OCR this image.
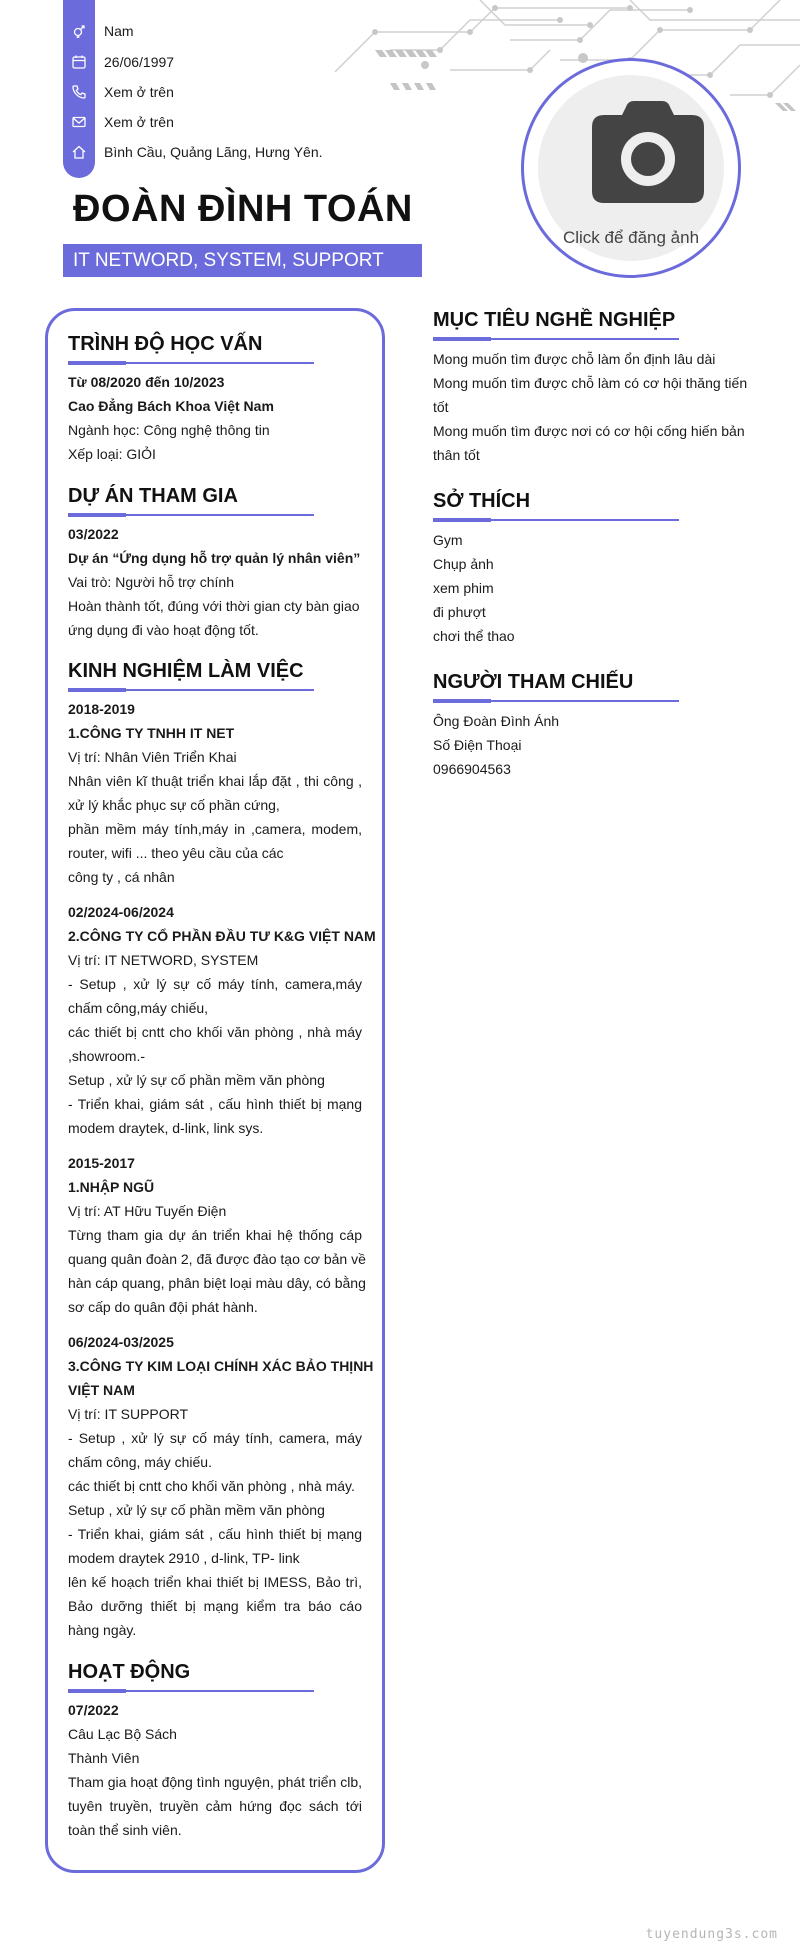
Nam
26/06/1997
Xem ở trên
Xem ở trên
Bình Cầu, Quảng Lãng, Hưng Yên.
ĐOÀN ĐÌNH TOÁN
IT NETWORD, SYSTEM, SUPPORT
Click để đăng ảnh
TRÌNH ĐỘ HỌC VẤN
Từ 08/2020 đến 10/2023
Cao Đẳng Bách Khoa Việt Nam
Ngành học: Công nghệ thông tin
Xếp loại: GIỎI
DỰ ÁN THAM GIA
03/2022
Dự án “Ứng dụng hỗ trợ quản lý nhân viên”
Vai trò: Người hỗ trợ chính
Hoàn thành tốt, đúng với thời gian cty bàn giao
ứng dụng đi vào hoạt động tốt.
KINH NGHIỆM LÀM VIỆC
2018-2019
1.CÔNG TY TNHH IT NET
Vị trí: Nhân Viên Triển Khai
Nhân viên kĩ thuật triển khai lắp đặt , thi công ,
xử lý khắc phục sự cố phần cứng,
phần mềm máy tính,máy in ,camera, modem,
router, wifi ... theo yêu cầu của các
công ty , cá nhân
02/2024-06/2024
2.CÔNG TY CỔ PHẦN ĐẦU TƯ K&G VIỆT NAM
Vị trí: IT NETWORD, SYSTEM
- Setup , xử lý sự cố máy tính, camera,máy
chấm công,máy chiếu,
các thiết bị cntt cho khối văn phòng , nhà máy
,showroom.-
Setup , xử lý sự cố phần mềm văn phòng
- Triển khai, giám sát , cấu hình thiết bị mạng
modem draytek, d-link, link sys.
2015-2017
1.NHẬP NGŨ
Vị trí: AT Hữu Tuyến Điện
Từng tham gia dự án triển khai hệ thống cáp
quang quân đoàn 2, đã được đào tạo cơ bản về
hàn cáp quang, phân biệt loại màu dây, có bằng
sơ cấp do quân đội phát hành.
06/2024-03/2025
3.CÔNG TY KIM LOẠI CHÍNH XÁC BẢO THỊNH
VIỆT NAM
Vị trí: IT SUPPORT
- Setup , xử lý sự cố máy tính, camera, máy
chấm công, máy chiếu.
các thiết bị cntt cho khối văn phòng , nhà máy.
Setup , xử lý sự cố phần mềm văn phòng
- Triển khai, giám sát , cấu hình thiết bị mạng
modem draytek 2910 , d-link, TP- link
lên kế hoạch triển khai thiết bị IMESS, Bảo trì,
Bảo dưỡng thiết bị mạng kiểm tra báo cáo
hàng ngày.
HOẠT ĐỘNG
07/2022
Câu Lạc Bộ Sách
Thành Viên
Tham gia hoạt động tình nguyện, phát triển clb,
tuyên truyền, truyền cảm hứng đọc sách tới
toàn thể sinh viên.
MỤC TIÊU NGHỀ NGHIỆP
Mong muốn tìm được chỗ làm ổn định lâu dài
Mong muốn tìm được chỗ làm có cơ hội thăng tiến
tốt
Mong muốn tìm được nơi có cơ hội cống hiến bản
thân tốt
SỞ THÍCH
Gym
Chụp ảnh
xem phim
đi phượt
chơi thể thao
NGƯỜI THAM CHIẾU
Ông Đoàn Đình Ánh
Số Điện Thoại
0966904563
tuyendung3s.com
